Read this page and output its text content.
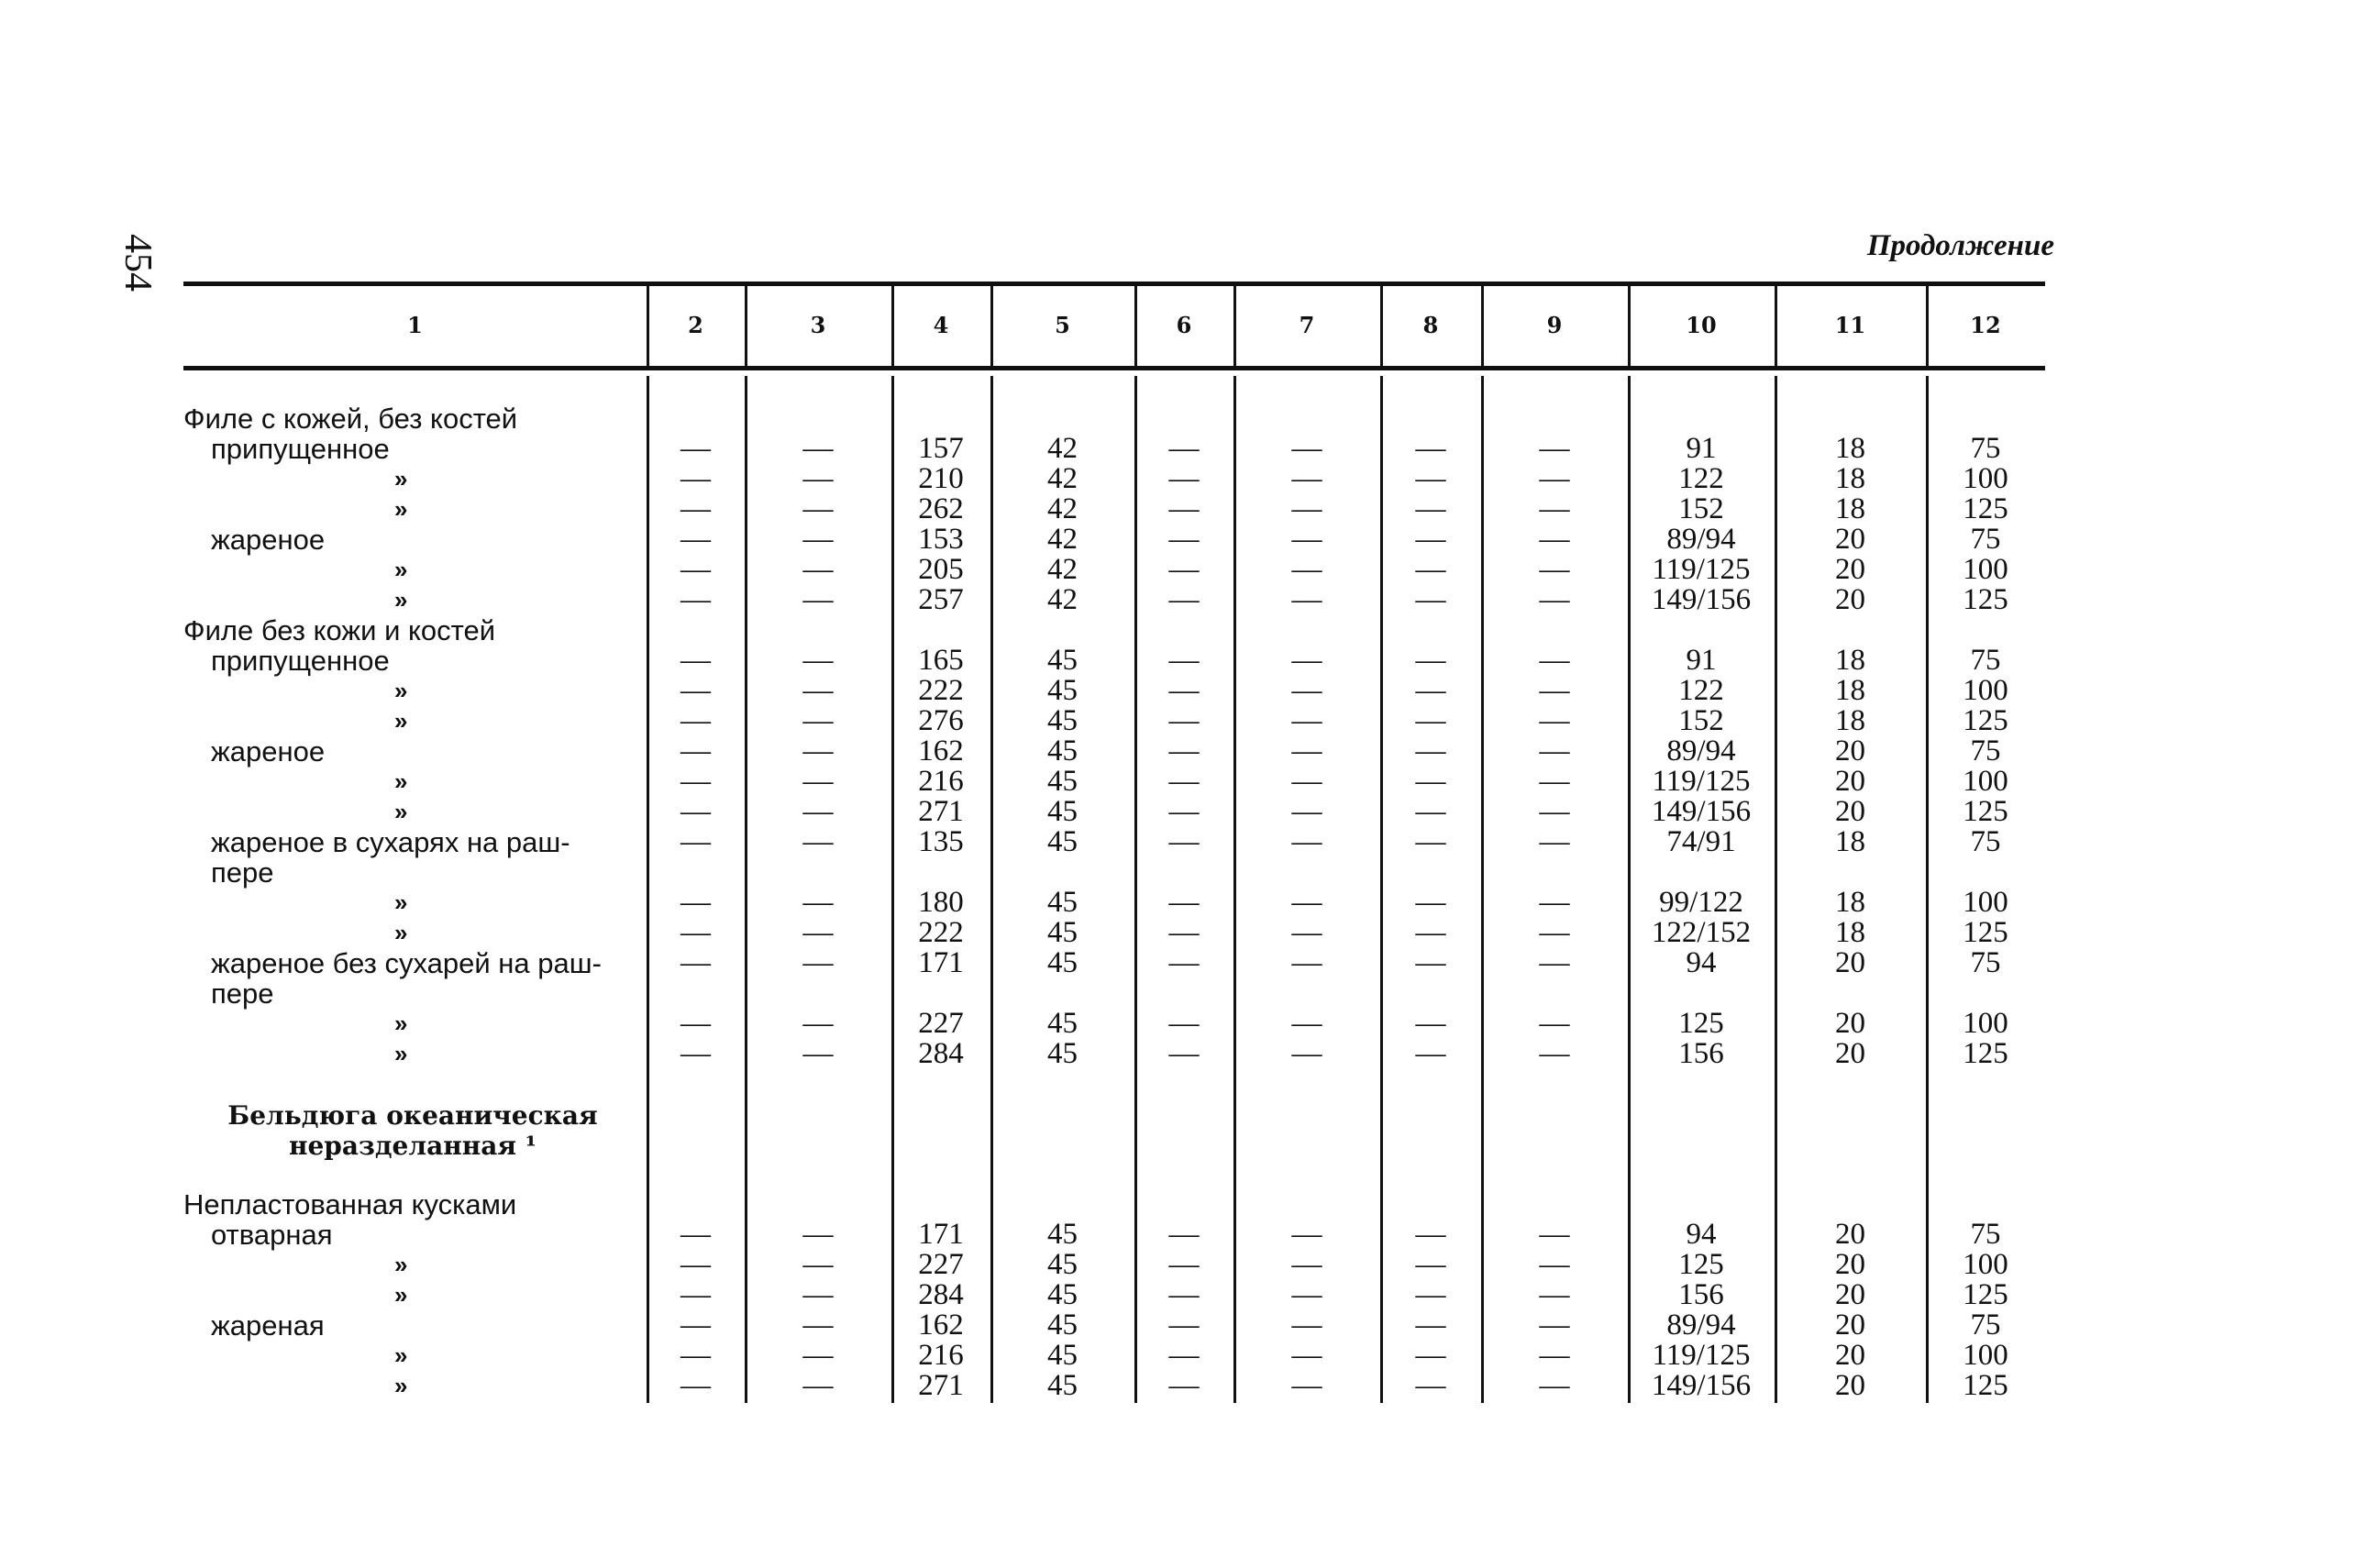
454	Продолжение
1	2	3	4	5	6	7	8	9	10	11	12
Филе с кожей, без костей
припущенное	—	—	157	42	—	—	—	—	91	18	75
»	—	—	210	42	—	—	—	—	122	18	100
»	—	—	262	42	—	—	—	—	152	18	125
жареное	—	—	153	42	—	—	—	—	89/94	20	75
»	—	—	205	42	—	—	—	—	119/125	20	100
»	—	—	257	42	—	—	—	—	149/156	20	125
Филе без кожи и костей
припущенное	—	—	165	45	—	—	—	—	91	18	75
»	—	—	222	45	—	—	—	—	122	18	100
»	—	—	276	45	—	—	—	—	152	18	125
жареное	—	—	162	45	—	—	—	—	89/94	20	75
»	—	—	216	45	—	—	—	—	119/125	20	100
»	—	—	271	45	—	—	—	—	149/156	20	125
жареное в сухарях на раш-	—	—	135	45	—	—	—	—	74/91	18	75
пере
»	—	—	180	45	—	—	—	—	99/122	18	100
»	—	—	222	45	—	—	—	—	122/152	18	125
жареное без сухарей на раш-	—	—	171	45	—	—	—	—	94	20	75
пере
»	—	—	227	45	—	—	—	—	125	20	100
»	—	—	284	45	—	—	—	—	156	20	125
Бельдюга океаническая
неразделанная ¹
Непластованная кусками
отварная	—	—	171	45	—	—	—	—	94	20	75
»	—	—	227	45	—	—	—	—	125	20	100
»	—	—	284	45	—	—	—	—	156	20	125
жареная	—	—	162	45	—	—	—	—	89/94	20	75
»	—	—	216	45	—	—	—	—	119/125	20	100
»	—	—	271	45	—	—	—	—	149/156	20	125
